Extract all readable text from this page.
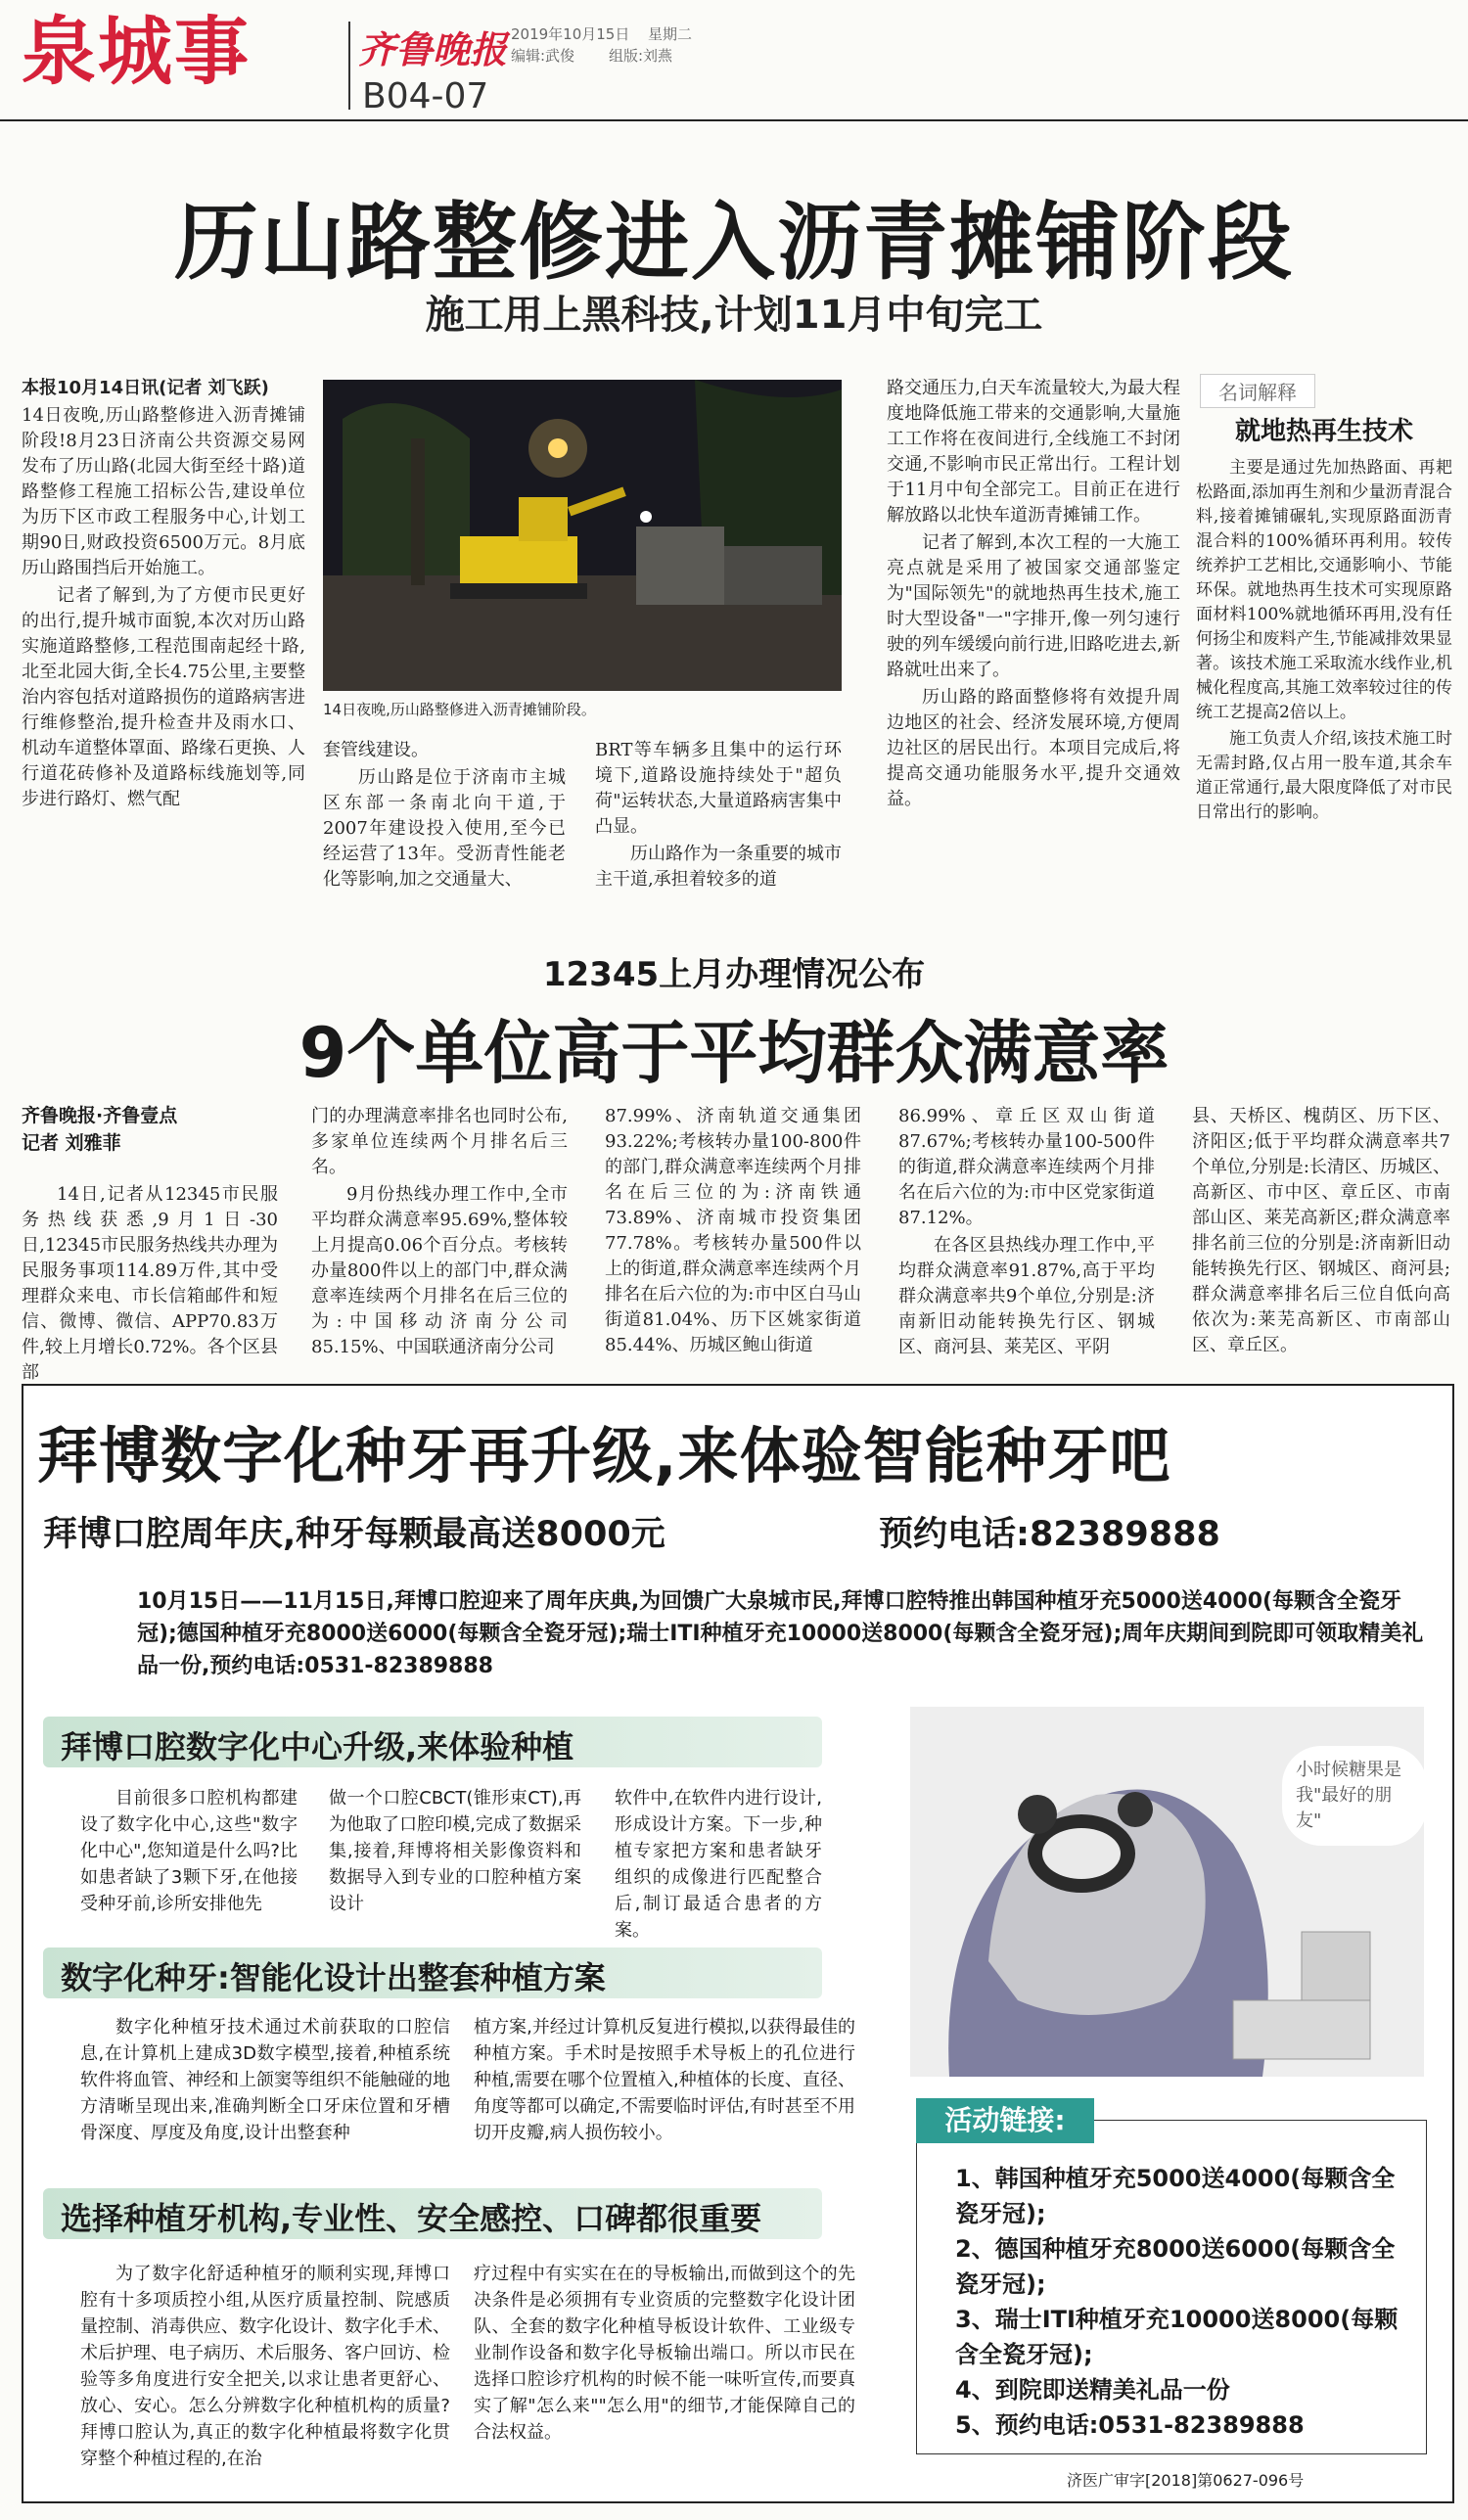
泉城事	齐鲁晚报 2019年10月15日 星期二
编辑:武俊 组版:刘燕
B04-07
历山路整修进入沥青摊铺阶段
施工用上黑科技,计划11月中旬完工

本报10月14日讯(记者 刘飞跃)

14日夜晚,历山路整修进入沥青摊铺阶段!8月23日济南公共资源交易网发布了历山路(北园大街至经十路)道路整修工程施工招标公告,建设单位为历下区市政工程服务中心,计划工期90日,财政投资6500万元。8月底历山路围挡后开始施工。

记者了解到,为了方便市民更好的出行,提升城市面貌,本次对历山路实施道路整修,工程范围南起经十路,北至北园大街,全长4.75公里,主要整治内容包括对道路损伤的道路病害进行维修整治,提升检查井及雨水口、机动车道整体罩面、路缘石更换、人行道花砖修补及道路标线施划等,同步进行路灯、燃气配

14日夜晚,历山路整修进入沥青摊铺阶段。

套管线建设。

历山路是位于济南市主城区东部一条南北向干道,于2007年建设投入使用,至今已经运营了13年。受沥青性能老化等影响,加之交通量大、

BRT等车辆多且集中的运行环境下,道路设施持续处于"超负荷"运转状态,大量道路病害集中凸显。

历山路作为一条重要的城市主干道,承担着较多的道

路交通压力,白天车流量较大,为最大程度地降低施工带来的交通影响,大量施工工作将在夜间进行,全线施工不封闭交通,不影响市民正常出行。工程计划于11月中旬全部完工。目前正在进行解放路以北快车道沥青摊铺工作。

记者了解到,本次工程的一大施工亮点就是采用了被国家交通部鉴定为"国际领先"的就地热再生技术,施工时大型设备"一"字排开,像一列匀速行驶的列车缓缓向前行进,旧路吃进去,新路就吐出来了。

历山路的路面整修将有效提升周边地区的社会、经济发展环境,方便周边社区的居民出行。本项目完成后,将提高交通功能服务水平,提升交通效益。

名词解释
就地热再生技术

主要是通过先加热路面、再耙松路面,添加再生剂和少量沥青混合料,接着摊铺碾轧,实现原路面沥青混合料的100%循环再利用。较传统养护工艺相比,交通影响小、节能环保。就地热再生技术可实现原路面材料100%就地循环再用,没有任何扬尘和废料产生,节能减排效果显著。该技术施工采取流水线作业,机械化程度高,其施工效率较过往的传统工艺提高2倍以上。

施工负责人介绍,该技术施工时无需封路,仅占用一股车道,其余车道正常通行,最大限度降低了对市民日常出行的影响。

12345上月办理情况公布
9个单位高于平均群众满意率
齐鲁晚报·齐鲁壹点
记者 刘雅菲

14日,记者从12345市民服务热线获悉,9月1日-30日,12345市民服务热线共办理为民服务事项114.89万件,其中受理群众来电、市长信箱邮件和短信、微博、微信、APP70.83万件,较上月增长0.72%。各个区县部

门的办理满意率排名也同时公布,多家单位连续两个月排名后三名。

9月份热线办理工作中,全市平均群众满意率95.69%,整体较上月提高0.06个百分点。考核转办量800件以上的部门中,群众满意率连续两个月排名在后三位的为:中国移动济南分公司85.15%、中国联通济南分公司

87.99%、济南轨道交通集团93.22%;考核转办量100-800件的部门,群众满意率连续两个月排名在后三位的为:济南铁通73.89%、济南城市投资集团77.78%。考核转办量500件以上的街道,群众满意率连续两个月排名在后六位的为:市中区白马山街道81.04%、历下区姚家街道85.44%、历城区鲍山街道

86.99%、章丘区双山街道87.67%;考核转办量100-500件的街道,群众满意率连续两个月排名在后六位的为:市中区党家街道87.12%。

在各区县热线办理工作中,平均群众满意率91.87%,高于平均群众满意率共9个单位,分别是:济南新旧动能转换先行区、钢城区、商河县、莱芜区、平阴

县、天桥区、槐荫区、历下区、济阳区;低于平均群众满意率共7个单位,分别是:长清区、历城区、高新区、市中区、章丘区、市南部山区、莱芜高新区;群众满意率排名前三位的分别是:济南新旧动能转换先行区、钢城区、商河县;群众满意率排名后三位自低向高依次为:莱芜高新区、市南部山区、章丘区。

拜博数字化种牙再升级,来体验智能种牙吧
拜博口腔周年庆,种牙每颗最高送8000元	预约电话:82389888
10月15日——11月15日,拜博口腔迎来了周年庆典,为回馈广大泉城市民,拜博口腔特推出韩国种植牙充5000送4000(每颗含全瓷牙冠);德国种植牙充8000送6000(每颗含全瓷牙冠);瑞士ITI种植牙充10000送8000(每颗含全瓷牙冠);周年庆期间到院即可领取精美礼品一份,预约电话:0531-82389888
拜博口腔数字化中心升级,来体验种植

目前很多口腔机构都建设了数字化中心,这些"数字化中心",您知道是什么吗?比如患者缺了3颗下牙,在他接受种牙前,诊所安排他先

做一个口腔CBCT(锥形束CT),再为他取了口腔印模,完成了数据采集,接着,拜博将相关影像资料和数据导入到专业的口腔种植方案设计

软件中,在软件内进行设计,形成设计方案。下一步,种植专家把方案和患者缺牙组织的成像进行匹配整合后,制订最适合患者的方案。

数字化种牙:智能化设计出整套种植方案

数字化种植牙技术通过术前获取的口腔信息,在计算机上建成3D数字模型,接着,种植系统软件将血管、神经和上颌窦等组织不能触碰的地方清晰呈现出来,准确判断全口牙床位置和牙槽骨深度、厚度及角度,设计出整套种

植方案,并经过计算机反复进行模拟,以获得最佳的种植方案。手术时是按照手术导板上的孔位进行种植,需要在哪个位置植入,种植体的长度、直径、角度等都可以确定,不需要临时评估,有时甚至不用切开皮瓣,病人损伤较小。

选择种植牙机构,专业性、安全感控、口碑都很重要

为了数字化舒适种植牙的顺利实现,拜博口腔有十多项质控小组,从医疗质量控制、院感质量控制、消毒供应、数字化设计、数字化手术、术后护理、电子病历、术后服务、客户回访、检验等多角度进行安全把关,以求让患者更舒心、放心、安心。怎么分辨数字化种植机构的质量?拜博口腔认为,真正的数字化种植最将数字化贯穿整个种植过程的,在治

疗过程中有实实在在的导板输出,而做到这个的先决条件是必须拥有专业资质的完整数字化设计团队、全套的数字化种植导板设计软件、工业级专业制作设备和数字化导板输出端口。所以市民在选择口腔诊疗机构的时候不能一味听宣传,而要真实了解"怎么来""怎么用"的细节,才能保障自己的合法权益。

小时候糖果是我"最好的朋友"
活动链接:
1、韩国种植牙充5000送4000(每颗含全瓷牙冠);
2、德国种植牙充8000送6000(每颗含全瓷牙冠);
3、瑞士ITI种植牙充10000送8000(每颗含全瓷牙冠);
4、到院即送精美礼品一份
5、预约电话:0531-82389888
济医广审字[2018]第0627-096号
